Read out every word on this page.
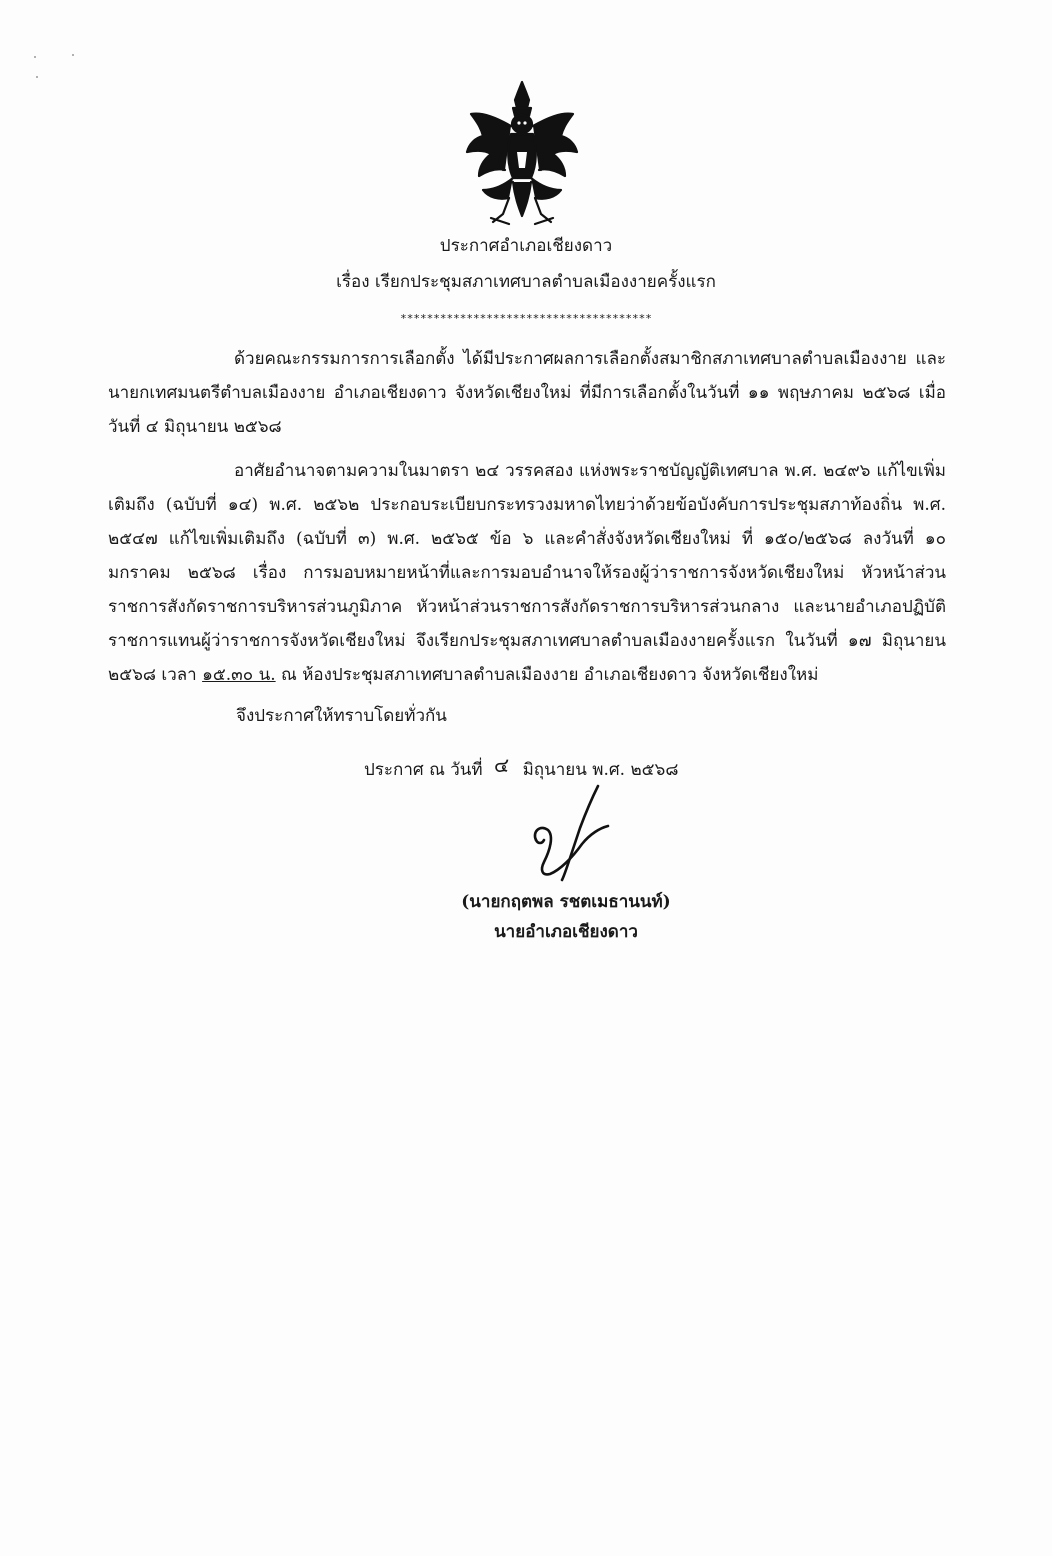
ประกาศอำเภอเชียงดาว
เรื่อง เรียกประชุมสภาเทศบาลตำบลเมืองงายครั้งแรก
**************************************
ด้วยคณะกรรมการการเลือกตั้ง ได้มีประกาศผลการเลือกตั้งสมาชิกสภาเทศบาลตำบลเมืองงาย และนายกเทศมนตรีตำบลเมืองงาย อำเภอเชียงดาว จังหวัดเชียงใหม่ ที่มีการเลือกตั้งในวันที่ ๑๑ พฤษภาคม ๒๕๖๘ เมื่อวันที่ ๔ มิถุนายน ๒๕๖๘
อาศัยอำนาจตามความในมาตรา ๒๔ วรรคสอง แห่งพระราชบัญญัติเทศบาล พ.ศ. ๒๔๙๖ แก้ไขเพิ่มเติมถึง (ฉบับที่ ๑๔) พ.ศ. ๒๕๖๒ ประกอบระเบียบกระทรวงมหาดไทยว่าด้วยข้อบังคับการประชุมสภาท้องถิ่น พ.ศ. ๒๕๔๗ แก้ไขเพิ่มเติมถึง (ฉบับที่ ๓) พ.ศ. ๒๕๖๕ ข้อ ๖ และคำสั่งจังหวัดเชียงใหม่ ที่ ๑๕๐/๒๕๖๘ ลงวันที่ ๑๐ มกราคม ๒๕๖๘ เรื่อง การมอบหมายหน้าที่และการมอบอำนาจให้รองผู้ว่าราชการจังหวัดเชียงใหม่ หัวหน้าส่วนราชการสังกัดราชการบริหารส่วนภูมิภาค หัวหน้าส่วนราชการสังกัดราชการบริหารส่วนกลาง และนายอำเภอปฏิบัติราชการแทนผู้ว่าราชการจังหวัดเชียงใหม่ จึงเรียกประชุมสภาเทศบาลตำบลเมืองงายครั้งแรก ในวันที่ ๑๗ มิถุนายน ๒๕๖๘ เวลา ๑๕.๓๐ น. ณ ห้องประชุมสภาเทศบาลตำบลเมืองงาย อำเภอเชียงดาว จังหวัดเชียงใหม่
จึงประกาศให้ทราบโดยทั่วกัน
ประกาศ ณ วันที่ ๔ มิถุนายน พ.ศ. ๒๕๖๘
(นายกฤตพล รชตเมธานนท์)
นายอำเภอเชียงดาว
